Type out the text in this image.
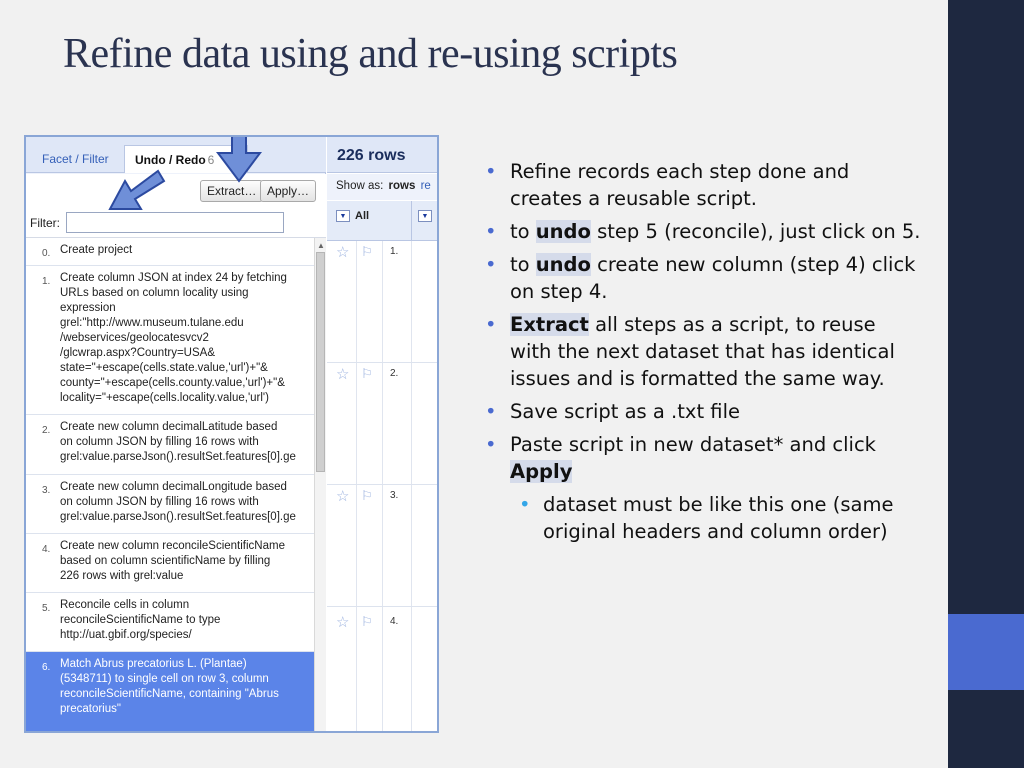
Refine data using and re-using scripts
Facet / Filter	Undo / Redo 6
Extract… Apply…
Filter:
0. Create project
1. Create column JSON at index 24 by fetching
URLs based on column locality using
expression
grel:"http://www.museum.tulane.edu
/webservices/geolocatesvcv2
/glcwrap.aspx?Country=USA&
state="+escape(cells.state.value,'url')+"&
county="+escape(cells.county.value,'url')+"&
locality="+escape(cells.locality.value,'url')
2. Create new column decimalLatitude based
on column JSON by filling 16 rows with
grel:value.parseJson().resultSet.features[0].ge
3. Create new column decimalLongitude based
on column JSON by filling 16 rows with
grel:value.parseJson().resultSet.features[0].ge
4. Create new column reconcileScientificName
based on column scientificName by filling
226 rows with grel:value
5. Reconcile cells in column
reconcileScientificName to type
http://uat.gbif.org/species/
6. Match Abrus precatorius L. (Plantae)
(5348711) to single cell on row 3, column
reconcileScientificName, containing "Abrus
precatorius"
▲
226 rows
Show as: rows re
▼ All	▼
☆ ⚐ 1.
☆ ⚐ 2.
☆ ⚐ 3.
☆ ⚐ 4.
• Refine records each step done and creates a reusable script.
• to undo step 5 (reconcile), just click on 5.
• to undo create new column (step 4) click on step 4.
• Extract all steps as a script, to reuse with the next dataset that has identical issues and is formatted the same way.
• Save script as a .txt file
• Paste script in new dataset* and click Apply
• dataset must be like this one (same original headers and column order)
